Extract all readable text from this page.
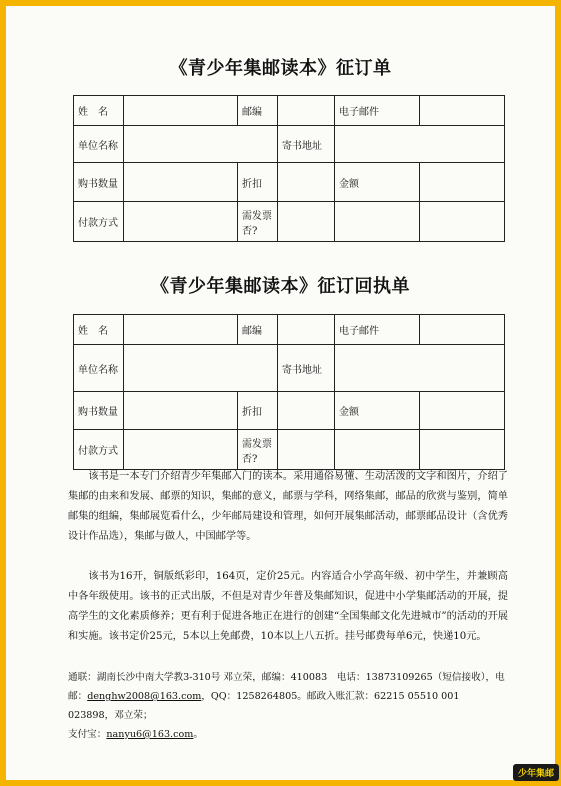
《青少年集邮读本》征订单
姓　名		邮编		电子邮件	
单位名称			寄书地址		
购书数量		折扣		金额	
付款方式		需发票否?			
《青少年集邮读本》征订回执单
姓　名		邮编		电子邮件	
单位名称			寄书地址		
购书数量		折扣		金额	
付款方式		需发票否?			

该书是一本专门介绍青少年集邮入门的读本。采用通俗易懂、生动活泼的文字和图片，介绍了集邮的由来和发展、邮票的知识，集邮的意义，邮票与学科，网络集邮，邮品的欣赏与鉴别，简单邮集的组编，集邮展览看什么，少年邮局建设和管理，如何开展集邮活动，邮票邮品设计（含优秀设计作品选），集邮与做人，中国邮学等。

该书为16开，铜版纸彩印，164页，定价25元。内容适合小学高年级、初中学生，并兼顾高中各年级使用。该书的正式出版，不但是对青少年普及集邮知识，促进中小学集邮活动的开展，提高学生的文化素质修养；更有利于促进各地正在进行的创建“全国集邮文化先进城市”的活动的开展和实施。该书定价25元，5本以上免邮费，10本以上八五折。挂号邮费每单6元，快递10元。

通联：湖南长沙中南大学教3-310号 邓立荣，邮编：410083　电话：13873109265（短信接收），电邮：denghw2008@163.com，QQ：1258264805。邮政入账汇款：62215 05510 001 023898，邓立荣；
支付宝：nanyu6@163.com。

少年集邮
